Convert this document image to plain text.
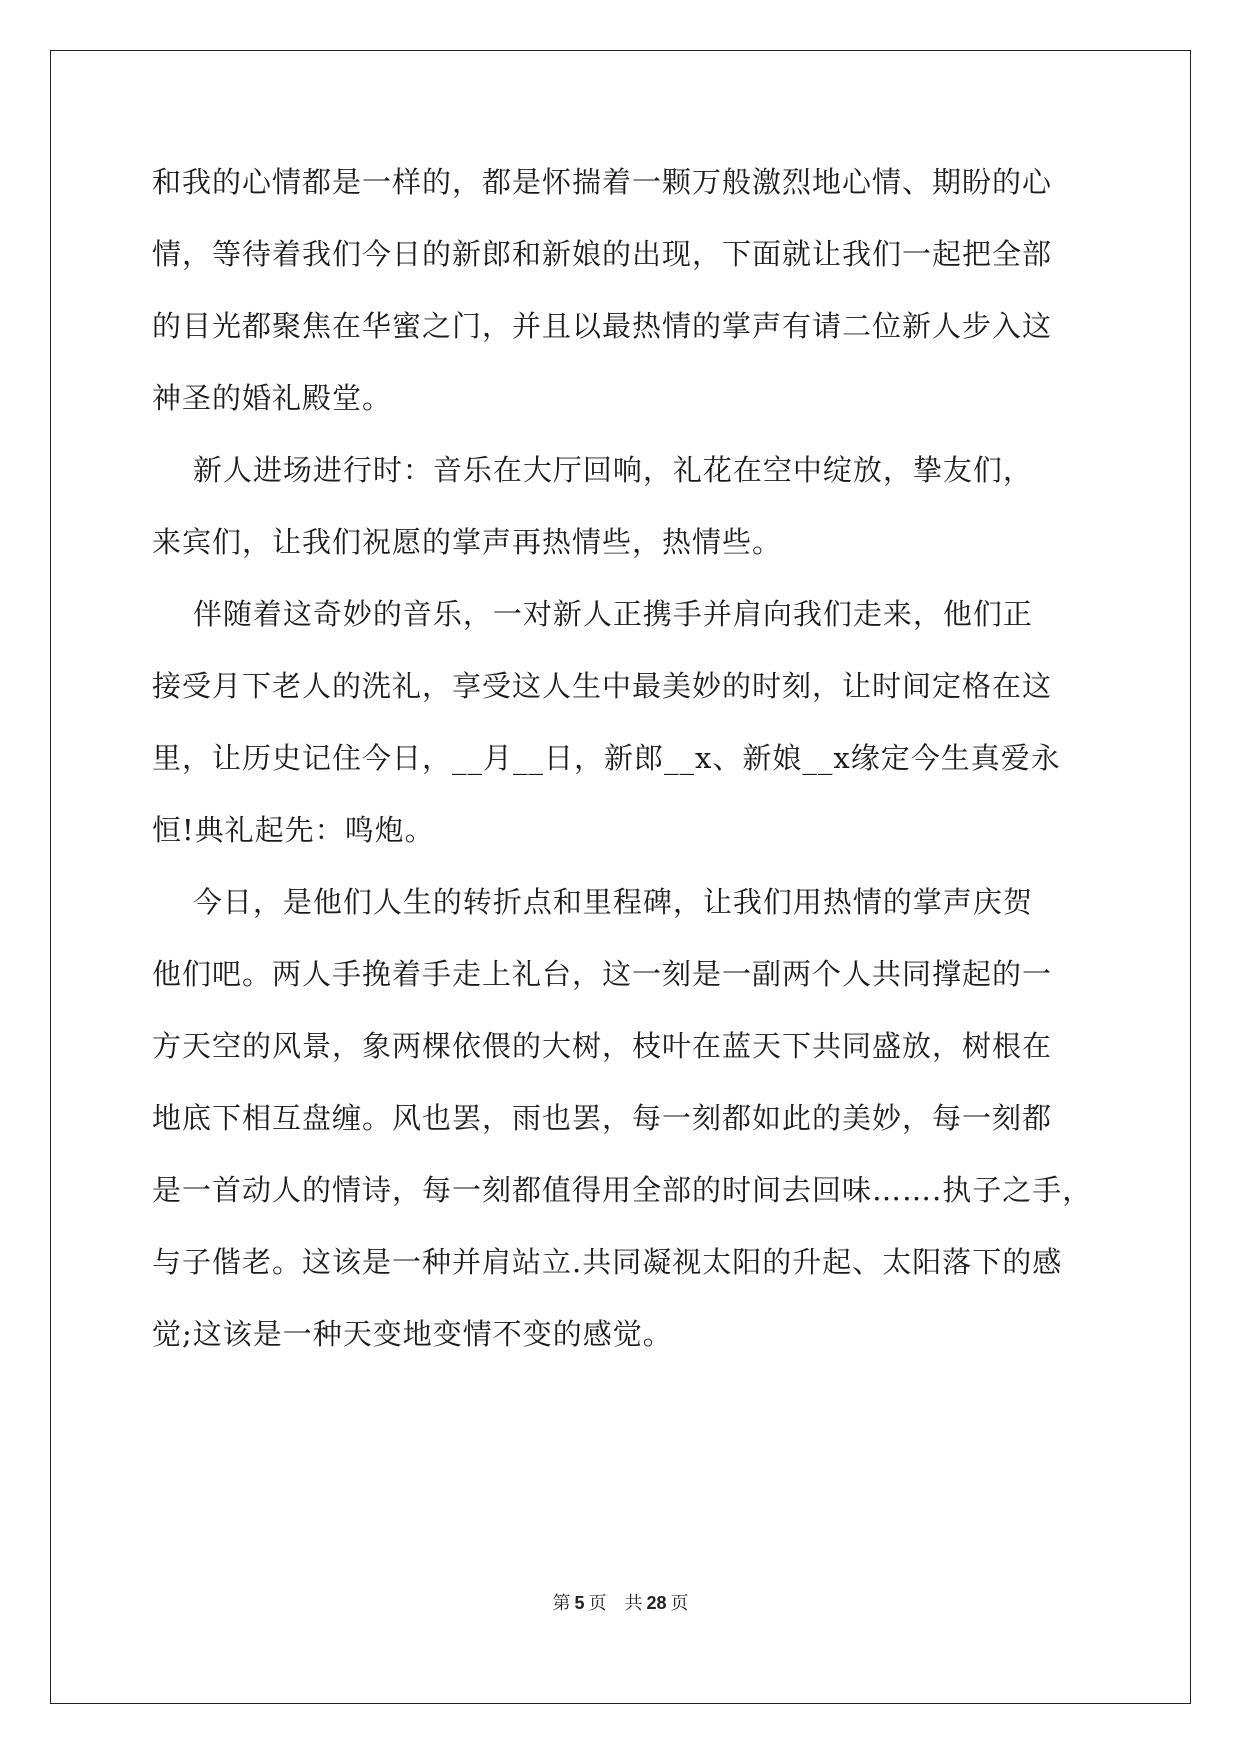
和我的心情都是一样的，都是怀揣着一颗万般激烈地心情、期盼的心
情，等待着我们今日的新郎和新娘的出现，下面就让我们一起把全部
的目光都聚焦在华蜜之门，并且以最热情的掌声有请二位新人步入这
神圣的婚礼殿堂。
新人进场进行时：音乐在大厅回响，礼花在空中绽放，挚友们，
来宾们，让我们祝愿的掌声再热情些，热情些。
伴随着这奇妙的音乐，一对新人正携手并肩向我们走来，他们正
接受月下老人的洗礼，享受这人生中最美妙的时刻，让时间定格在这
里，让历史记住今日，__月__日，新郎__x、新娘__x缘定今生真爱永
恒!典礼起先：鸣炮。
今日，是他们人生的转折点和里程碑，让我们用热情的掌声庆贺
他们吧。两人手挽着手走上礼台，这一刻是一副两个人共同撑起的一
方天空的风景，象两棵依偎的大树，枝叶在蓝天下共同盛放，树根在
地底下相互盘缠。风也罢，雨也罢，每一刻都如此的美妙，每一刻都
是一首动人的情诗，每一刻都值得用全部的时间去回味…….执子之手，
与子偕老。这该是一种并肩站立.共同凝视太阳的升起、太阳落下的感
觉;这该是一种天变地变情不变的感觉。
第 5 页 共 28 页
